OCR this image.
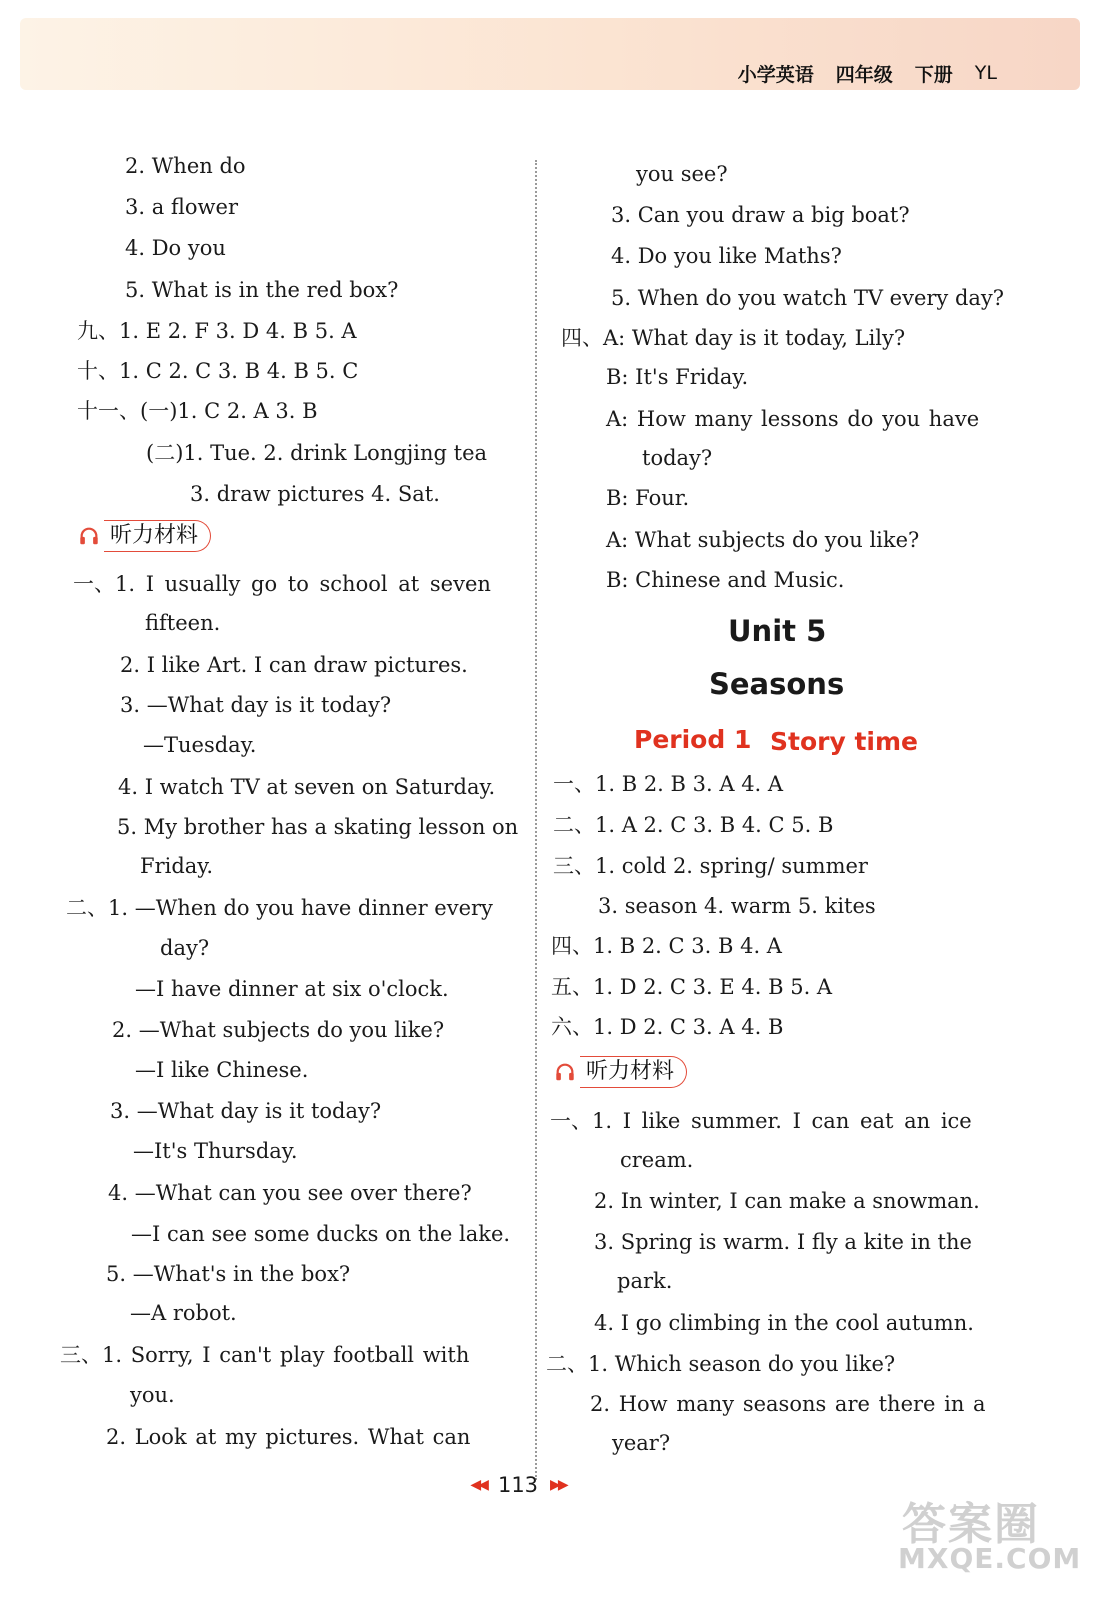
小学英语 四年级 下册 YL
2. When do
3. a flower
4. Do you
5. What is in the red box?
九、1. E 2. F 3. D 4. B 5. A
十、1. C 2. C 3. B 4. B 5. C
十一、(一)1. C 2. A 3. B
(二)1. Tue. 2. drink Longjing tea
3. draw pictures 4. Sat.
听力材料
一、1. I usually go to school at seven
fifteen.
2. I like Art. I can draw pictures.
3. —What day is it today?
—Tuesday.
4. I watch TV at seven on Saturday.
5. My brother has a skating lesson on
Friday.
二、1. —When do you have dinner every
day?
—I have dinner at six o'clock.
2. —What subjects do you like?
—I like Chinese.
3. —What day is it today?
—It's Thursday.
4. —What can you see over there?
—I can see some ducks on the lake.
5. —What's in the box?
—A robot.
三、1. Sorry, I can't play football with
you.
2. Look at my pictures. What can
you see?
3. Can you draw a big boat?
4. Do you like Maths?
5. When do you watch TV every day?
四、A: What day is it today, Lily?
B: It's Friday.
A: How many lessons do you have
today?
B: Four.
A: What subjects do you like?
B: Chinese and Music.
Unit 5
Seasons
Period 1 Story time
一、1. B 2. B 3. A 4. A
二、1. A 2. C 3. B 4. C 5. B
三、1. cold 2. spring/ summer
3. season 4. warm 5. kites
四、1. B 2. C 3. B 4. A
五、1. D 2. C 3. E 4. B 5. A
六、1. D 2. C 3. A 4. B
听力材料
一、1. I like summer. I can eat an ice
cream.
2. In winter, I can make a snowman.
3. Spring is warm. I fly a kite in the
park.
4. I go climbing in the cool autumn.
二、1. Which season do you like?
2. How many seasons are there in a
year?
◀◀ 113 ▶▶
答案圈
MXQE.COM
